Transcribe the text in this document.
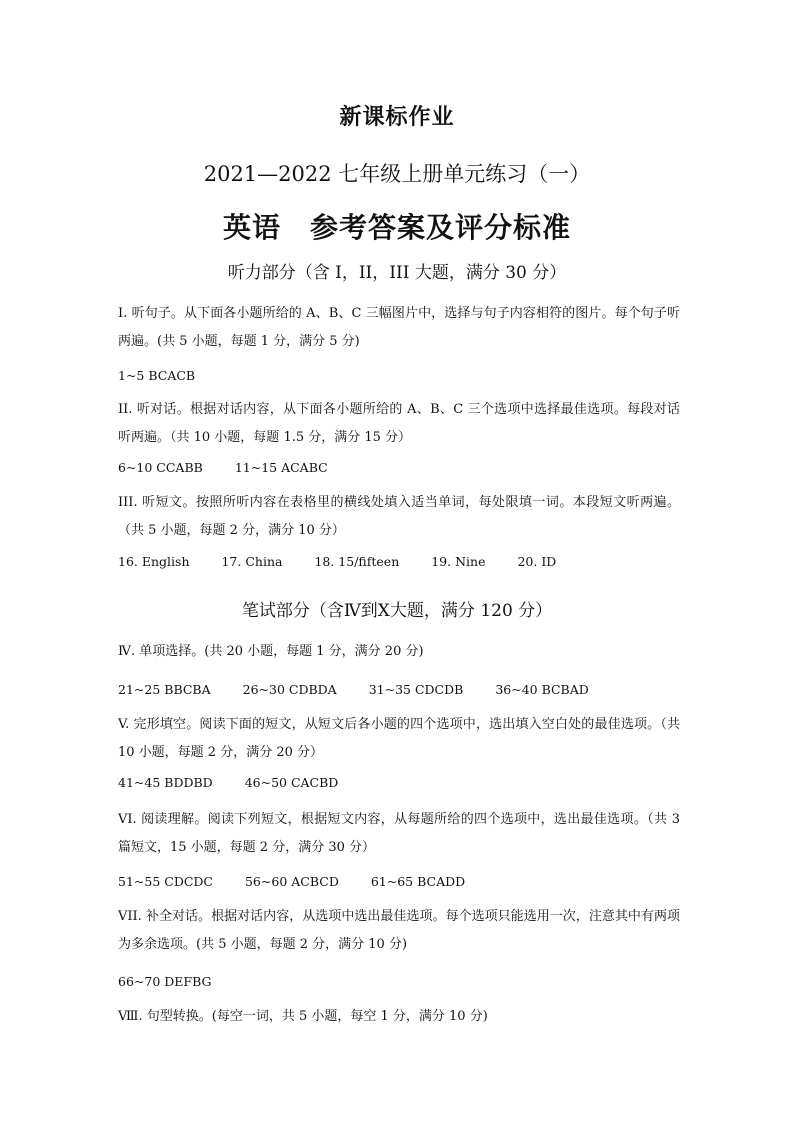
新课标作业
2021—2022 七年级上册单元练习（一）
英语　参考答案及评分标准
听力部分（含 I，II，III 大题，满分 30 分）
Ⅰ. 听句子。从下面各小题所给的 A、B、C 三幅图片中，选择与句子内容相符的图片。每个句子听两遍。(共 5 小题，每题 1 分，满分 5 分)
1~5 BCACB
II. 听对话。根据对话内容，从下面各小题所给的 A、B、C 三个选项中选择最佳选项。每段对话听两遍。（共 10 小题，每题 1.5 分，满分 15 分）
6~10 CCABB	11~15 ACABC
III. 听短文。按照所听内容在表格里的横线处填入适当单词，每处限填一词。本段短文听两遍。（共 5 小题，每题 2 分，满分 10 分）
16. English	17. China	18. 15/fifteen	19. Nine	20. ID
笔试部分（含Ⅳ到Ⅹ大题，满分 120 分）
Ⅳ. 单项选择。(共 20 小题，每题 1 分，满分 20 分)
21~25 BBCBA	26~30 CDBDA	31~35 CDCDB	36~40 BCBAD
V. 完形填空。阅读下面的短文，从短文后各小题的四个选项中，选出填入空白处的最佳选项。（共 10 小题，每题 2 分，满分 20 分）
41~45 BDDBD	46~50 CACBD
VI. 阅读理解。阅读下列短文，根据短文内容，从每题所给的四个选项中，选出最佳选项。（共 3 篇短文，15 小题，每题 2 分，满分 30 分）
51~55 CDCDC	56~60 ACBCD	61~65 BCADD
VII. 补全对话。根据对话内容，从选项中选出最佳选项。每个选项只能选用一次，注意其中有两项为多余选项。(共 5 小题，每题 2 分，满分 10 分)
66~70 DEFBG
Ⅷ. 句型转换。(每空一词，共 5 小题，每空 1 分，满分 10 分)
